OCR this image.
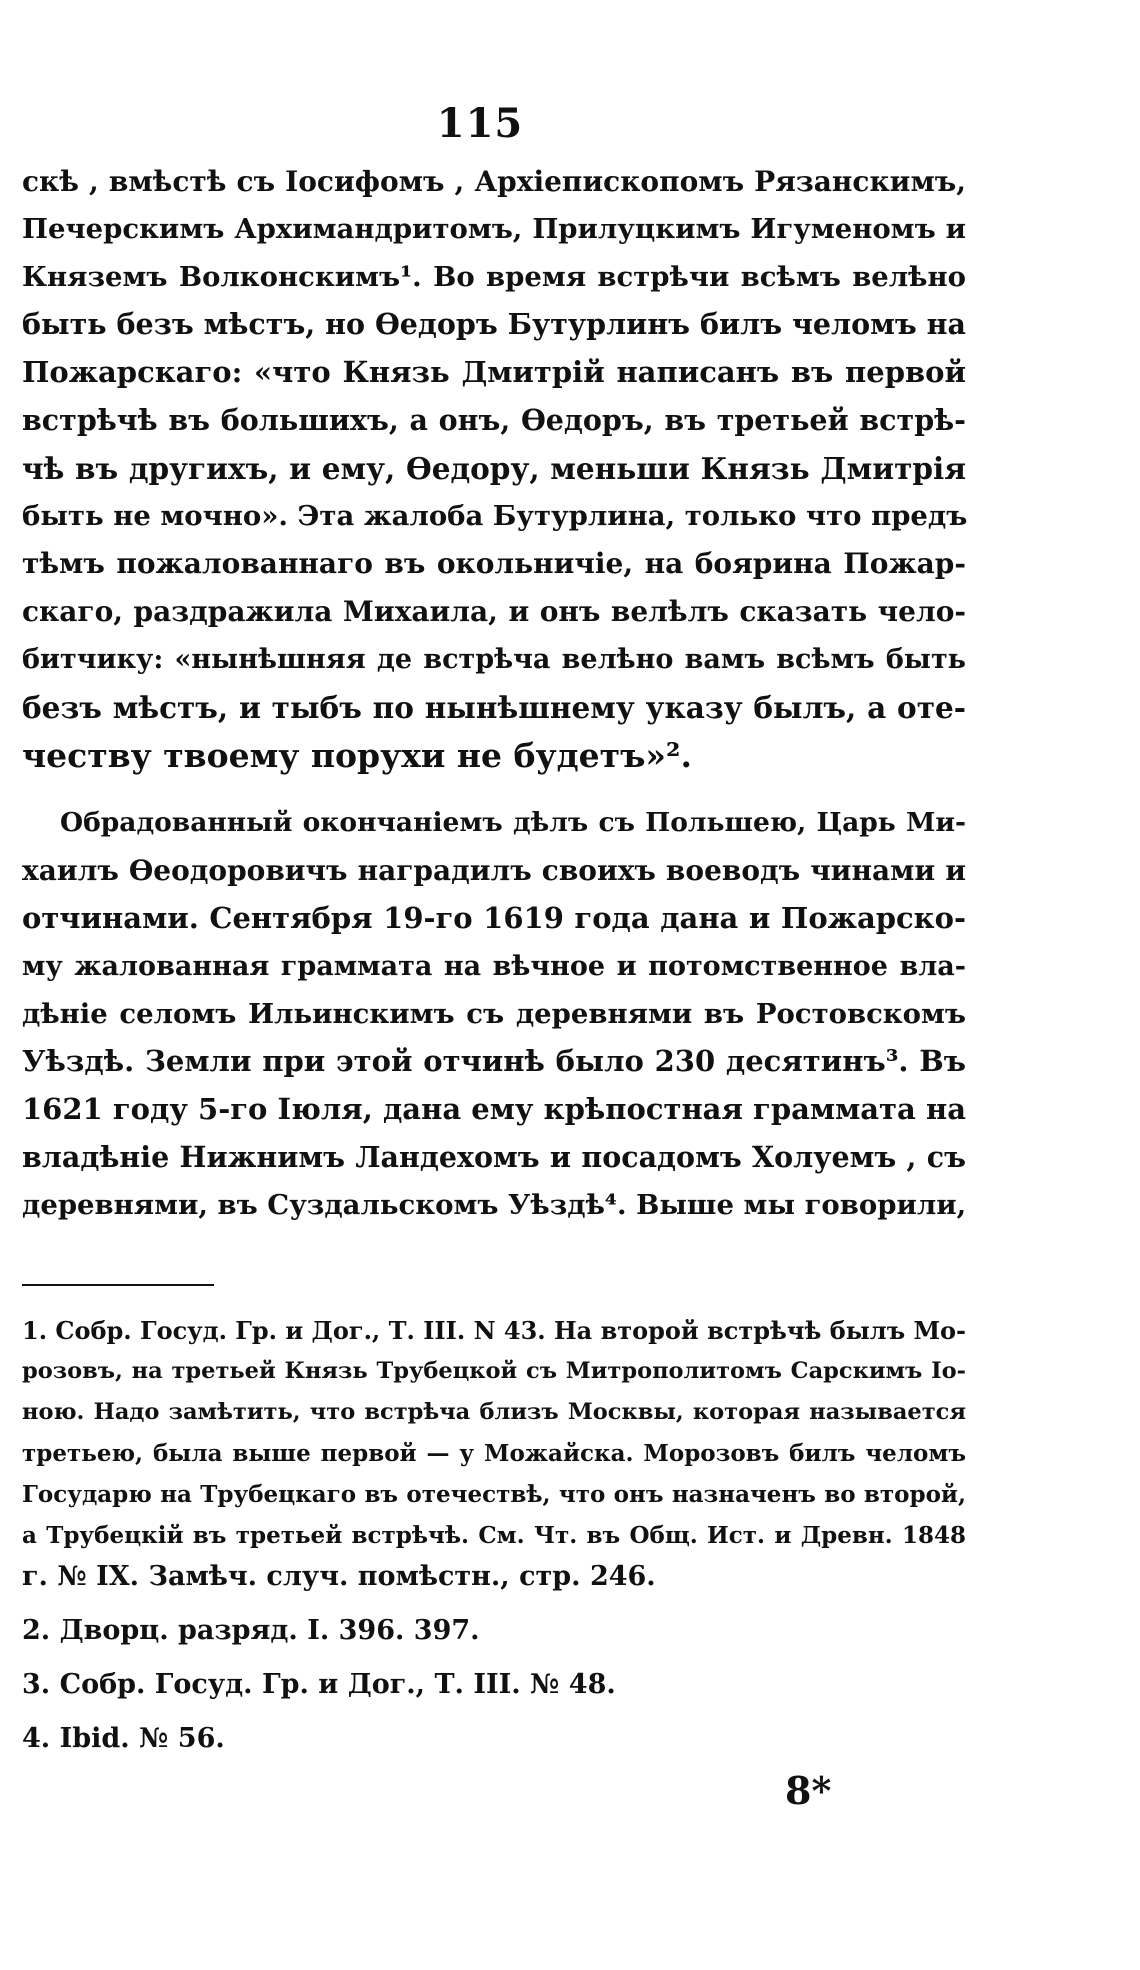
115
скѣ , вмѣстѣ съ Іосифомъ , Архіепископомъ Рязанскимъ,
Печерскимъ Архимандритомъ, Прилуцкимъ Игуменомъ и
Княземъ Волконскимъ¹. Во время встрѣчи всѣмъ велѣно
быть безъ мѣстъ, но Ѳедоръ Бутурлинъ билъ челомъ на
Пожарскаго: «что Князь Дмитрій написанъ въ первой
встрѣчѣ въ большихъ, а онъ, Ѳедоръ, въ третьей встрѣ-
чѣ въ другихъ, и ему, Ѳедору, меньши Князь Дмитрія
быть не мочно». Эта жалоба Бутурлина, только что предъ
тѣмъ пожалованнаго въ окольничіе, на боярина Пожар-
скаго, раздражила Михаила, и онъ велѣлъ сказать чело-
битчику: «нынѣшняя де встрѣча велѣно вамъ всѣмъ быть
безъ мѣстъ, и тыбъ по нынѣшнему указу былъ, а оте-
честву твоему порухи не будетъ»².
Обрадованный окончаніемъ дѣлъ съ Польшею, Царь Ми-
хаилъ Ѳеодоровичъ наградилъ своихъ воеводъ чинами и
отчинами. Сентября 19-го 1619 года дана и Пожарско-
му жалованная граммата на вѣчное и потомственное вла-
дѣніе селомъ Ильинскимъ съ деревнями въ Ростовскомъ
Уѣздѣ. Земли при этой отчинѣ было 230 десятинъ³. Въ
1621 году 5-го Іюля, дана ему крѣпостная граммата на
владѣніе Нижнимъ Ландехомъ и посадомъ Холуемъ , съ
деревнями, въ Суздальскомъ Уѣздѣ⁴. Выше мы говорили,
1. Собр. Госуд. Гр. и Дог., Т. III. N 43. На второй встрѣчѣ былъ Мо-
розовъ, на третьей Князь Трубецкой съ Митрополитомъ Сарскимъ Іо-
ною. Надо замѣтить, что встрѣча близъ Москвы, которая называется
третьею, была выше первой — у Можайска. Морозовъ билъ челомъ
Государю на Трубецкаго въ отечествѣ, что онъ назначенъ во второй,
а Трубецкій въ третьей встрѣчѣ. См. Чт. въ Общ. Ист. и Древн. 1848
г. № IX. Замѣч. случ. помѣстн., стр. 246.
2. Дворц. разряд. I. 396. 397.
3. Собр. Госуд. Гр. и Дог., Т. III. № 48.
4. Ibid. № 56.
8*
